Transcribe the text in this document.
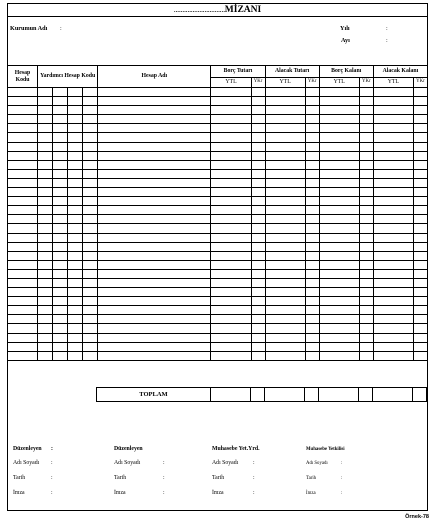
..............................MİZANI
Kurumun Adı :	Yılı	:
Ayı	:
Hesap Kodu	Yardımcı Hesap Kodu				Hesap Adı	Borç Tutarı		Alacak Tutarı		Borç Kalanı		Alacak Kalanı	
						YTL	YKr	YTL	YKr	YTL	YKr	YTL	YKr

TOPLAM								
Düzenleyen :
Adı Soyadı :
Tarih	:
İmza	:
Düzenleyen
Adı Soyadı	:
Tarih	:
İmza	:
Muhasebe Yet.Yrd.
Adı Soyadı	:
Tarih	:
İmza	:
Muhasebe Yetkilisi
Adı Soyadı	:
Tarih	:
İmza	:
Örnek-78
